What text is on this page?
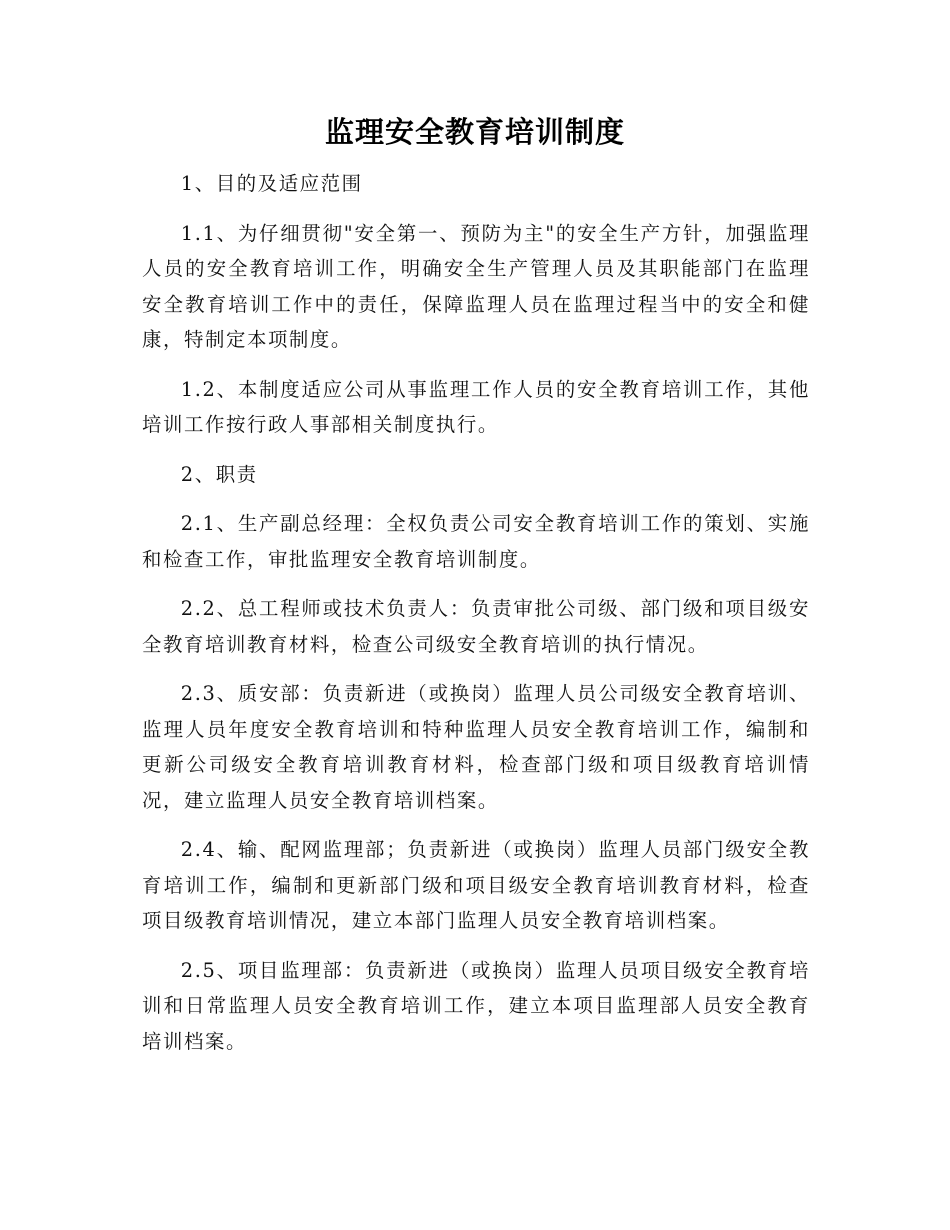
监理安全教育培训制度

1、目的及适应范围

1.1、为仔细贯彻"安全第一、预防为主"的安全生产方针，加强监理人员的安全教育培训工作，明确安全生产管理人员及其职能部门在监理安全教育培训工作中的责任，保障监理人员在监理过程当中的安全和健康，特制定本项制度。

1.2、本制度适应公司从事监理工作人员的安全教育培训工作，其他培训工作按行政人事部相关制度执行。

2、职责

2.1、生产副总经理：全权负责公司安全教育培训工作的策划、实施和检查工作，审批监理安全教育培训制度。

2.2、总工程师或技术负责人：负责审批公司级、部门级和项目级安全教育培训教育材料，检查公司级安全教育培训的执行情况。

2.3、质安部：负责新进（或换岗）监理人员公司级安全教育培训、监理人员年度安全教育培训和特种监理人员安全教育培训工作，编制和更新公司级安全教育培训教育材料，检查部门级和项目级教育培训情况，建立监理人员安全教育培训档案。

2.4、输、配网监理部；负责新进（或换岗）监理人员部门级安全教育培训工作，编制和更新部门级和项目级安全教育培训教育材料，检查项目级教育培训情况，建立本部门监理人员安全教育培训档案。

2.5、项目监理部：负责新进（或换岗）监理人员项目级安全教育培训和日常监理人员安全教育培训工作，建立本项目监理部人员安全教育培训档案。
